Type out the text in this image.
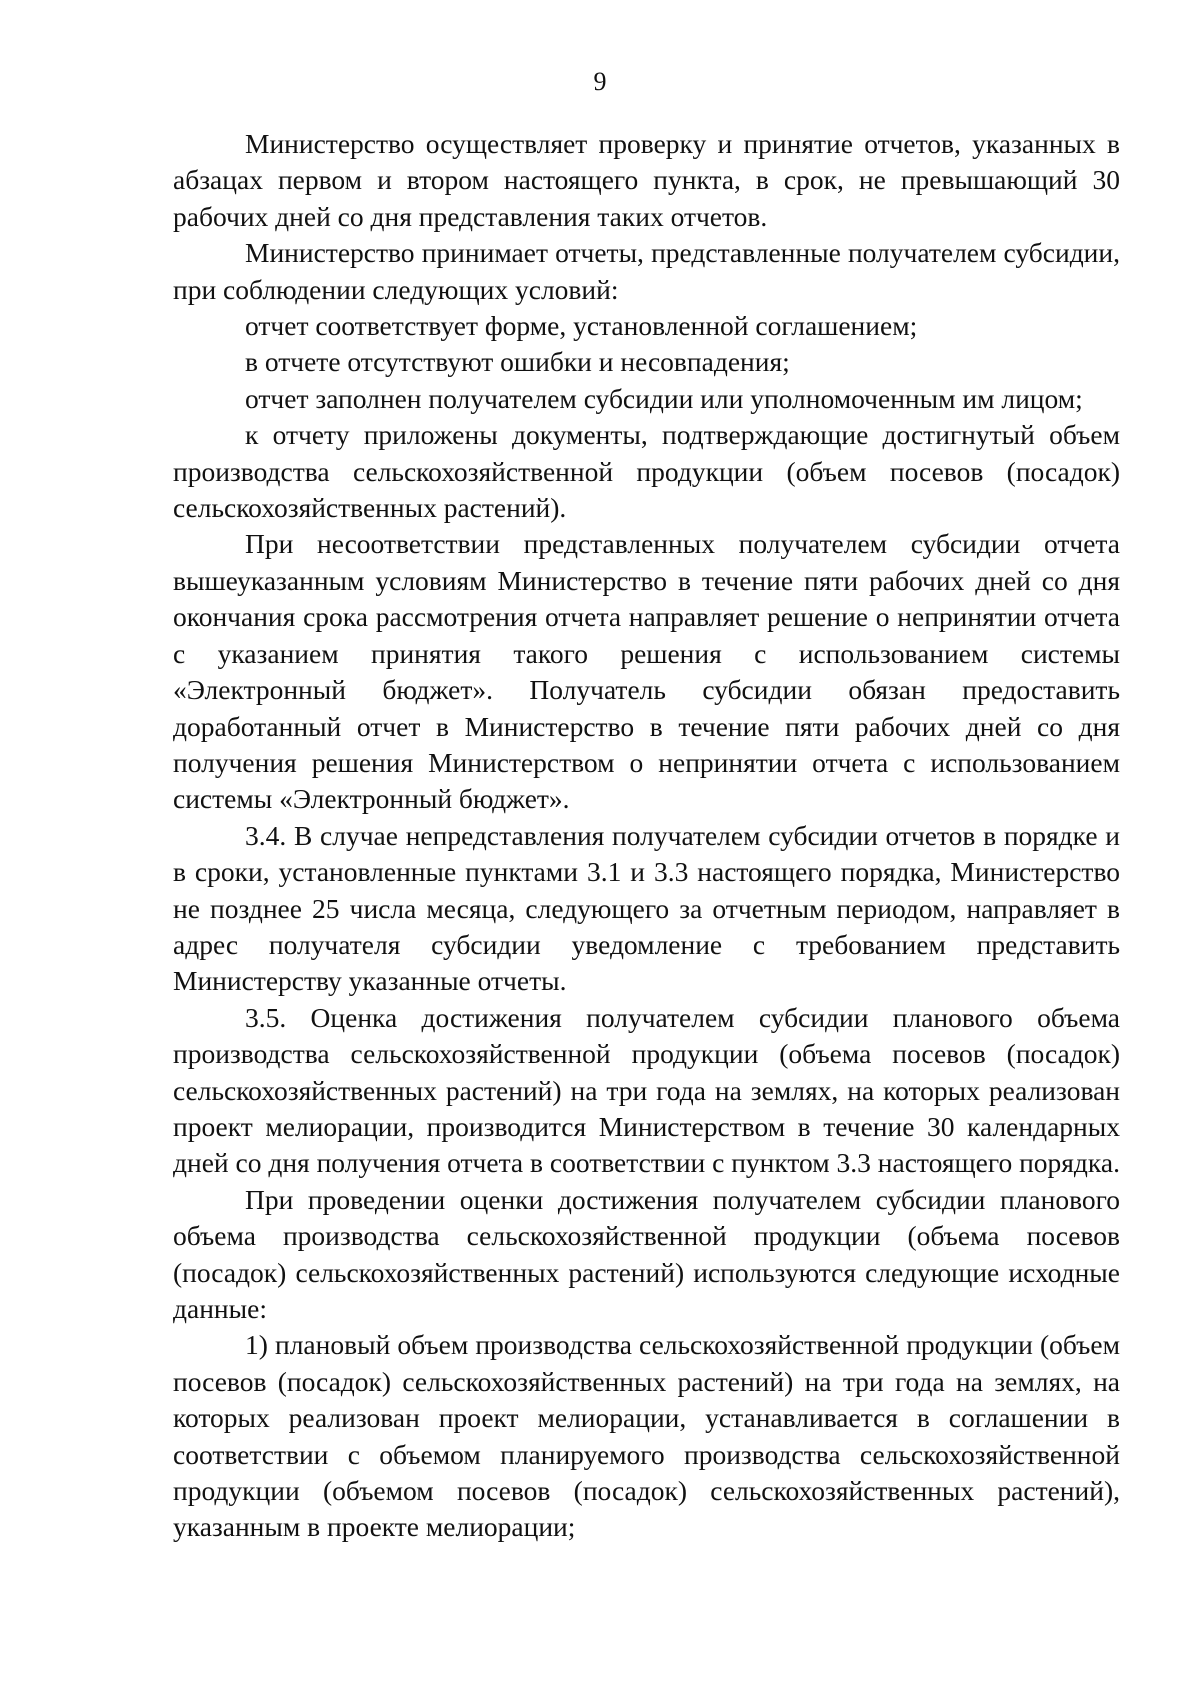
9

Министерство осуществляет проверку и принятие отчетов, указанных в абзацах первом и втором настоящего пункта, в срок, не превышающий 30 рабочих дней со дня представления таких отчетов.

Министерство принимает отчеты, представленные получателем субсидии, при соблюдении следующих условий:

отчет соответствует форме, установленной соглашением;

в отчете отсутствуют ошибки и несовпадения;

отчет заполнен получателем субсидии или уполномоченным им лицом;

к отчету приложены документы, подтверждающие достигнутый объем производства сельскохозяйственной продукции (объем посевов (посадок) сельскохозяйственных растений).

При несоответствии представленных получателем субсидии отчета вышеуказанным условиям Министерство в течение пяти рабочих дней со дня окончания срока рассмотрения отчета направляет решение о непринятии отчета с указанием принятия такого решения с использованием системы «Электронный бюджет». Получатель субсидии обязан предоставить доработанный отчет в Министерство в течение пяти рабочих дней со дня получения решения Министерством о непринятии отчета с использованием системы «Электронный бюджет».

3.4. В случае непредставления получателем субсидии отчетов в порядке и в сроки, установленные пунктами 3.1 и 3.3 настоящего порядка, Министерство не позднее 25 числа месяца, следующего за отчетным периодом, направляет в адрес получателя субсидии уведомление с требованием представить Министерству указанные отчеты.

3.5. Оценка достижения получателем субсидии планового объема производства сельскохозяйственной продукции (объема посевов (посадок) сельскохозяйственных растений) на три года на землях, на которых реализован проект мелиорации, производится Министерством в течение 30 календарных дней со дня получения отчета в соответствии с пунктом 3.3 настоящего порядка.

При проведении оценки достижения получателем субсидии планового объема производства сельскохозяйственной продукции (объема посевов (посадок) сельскохозяйственных растений) используются следующие исходные данные:

1) плановый объем производства сельскохозяйственной продукции (объем посевов (посадок) сельскохозяйственных растений) на три года на землях, на которых реализован проект мелиорации, устанавливается в соглашении в соответствии с объемом планируемого производства сельскохозяйственной продукции (объемом посевов (посадок) сельскохозяйственных растений), указанным в проекте мелиорации;
